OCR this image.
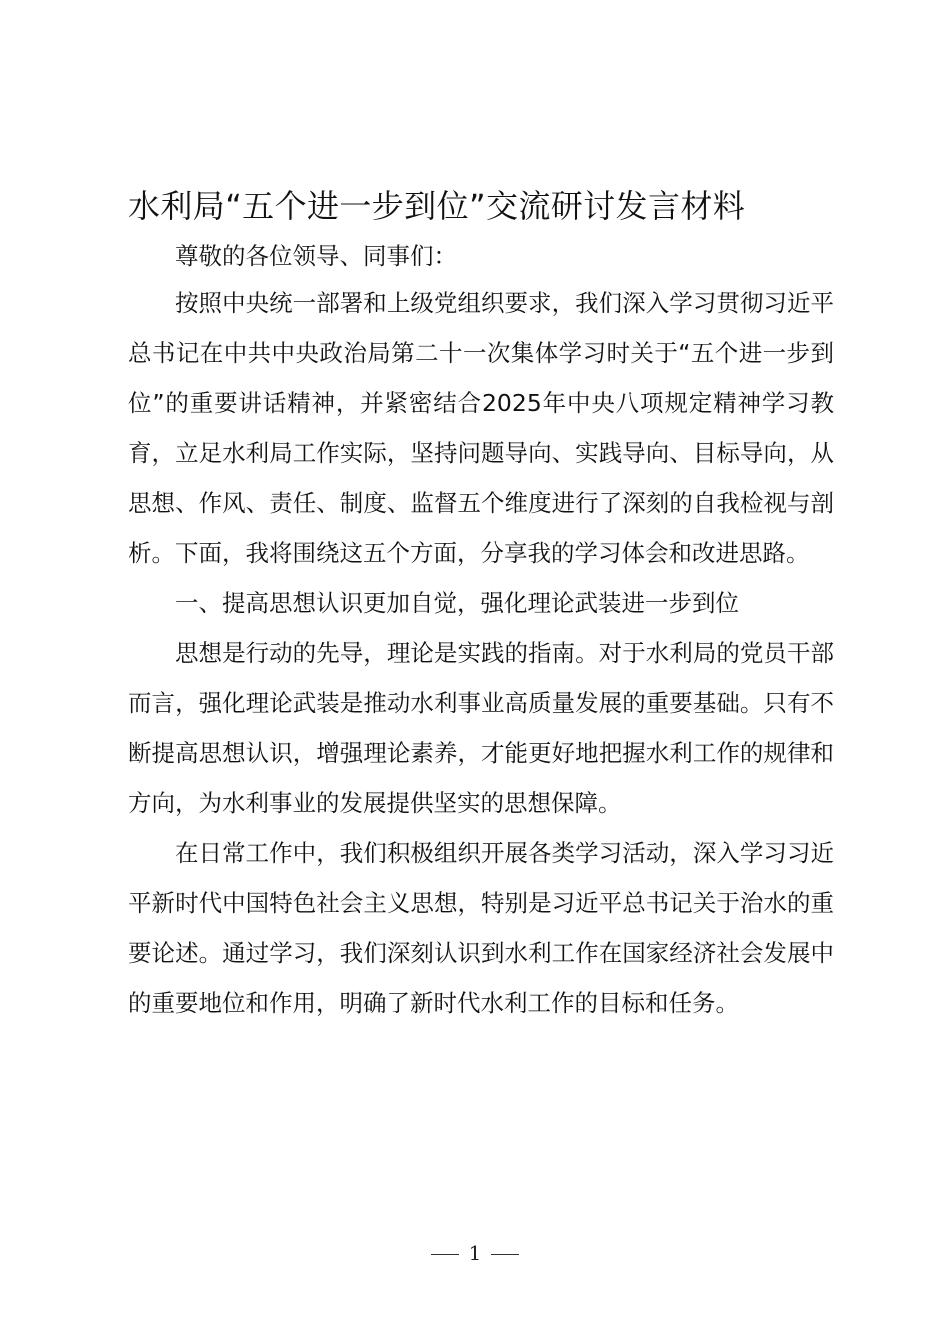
水利局“五个进一步到位”交流研讨发言材料

尊敬的各位领导、同事们：

按照中央统一部署和上级党组织要求，我们深入学习贯彻习近平总书记在中共中央政治局第二十一次集体学习时关于“五个进一步到位”的重要讲话精神，并紧密结合2025年中央八项规定精神学习教育，立足水利局工作实际，坚持问题导向、实践导向、目标导向，从思想、作风、责任、制度、监督五个维度进行了深刻的自我检视与剖析。下面，我将围绕这五个方面，分享我的学习体会和改进思路。

一、提高思想认识更加自觉，强化理论武装进一步到位

思想是行动的先导，理论是实践的指南。对于水利局的党员干部而言，强化理论武装是推动水利事业高质量发展的重要基础。只有不断提高思想认识，增强理论素养，才能更好地把握水利工作的规律和方向，为水利事业的发展提供坚实的思想保障。

在日常工作中，我们积极组织开展各类学习活动，深入学习习近平新时代中国特色社会主义思想，特别是习近平总书记关于治水的重要论述。通过学习，我们深刻认识到水利工作在国家经济社会发展中的重要地位和作用，明确了新时代水利工作的目标和任务。

1
